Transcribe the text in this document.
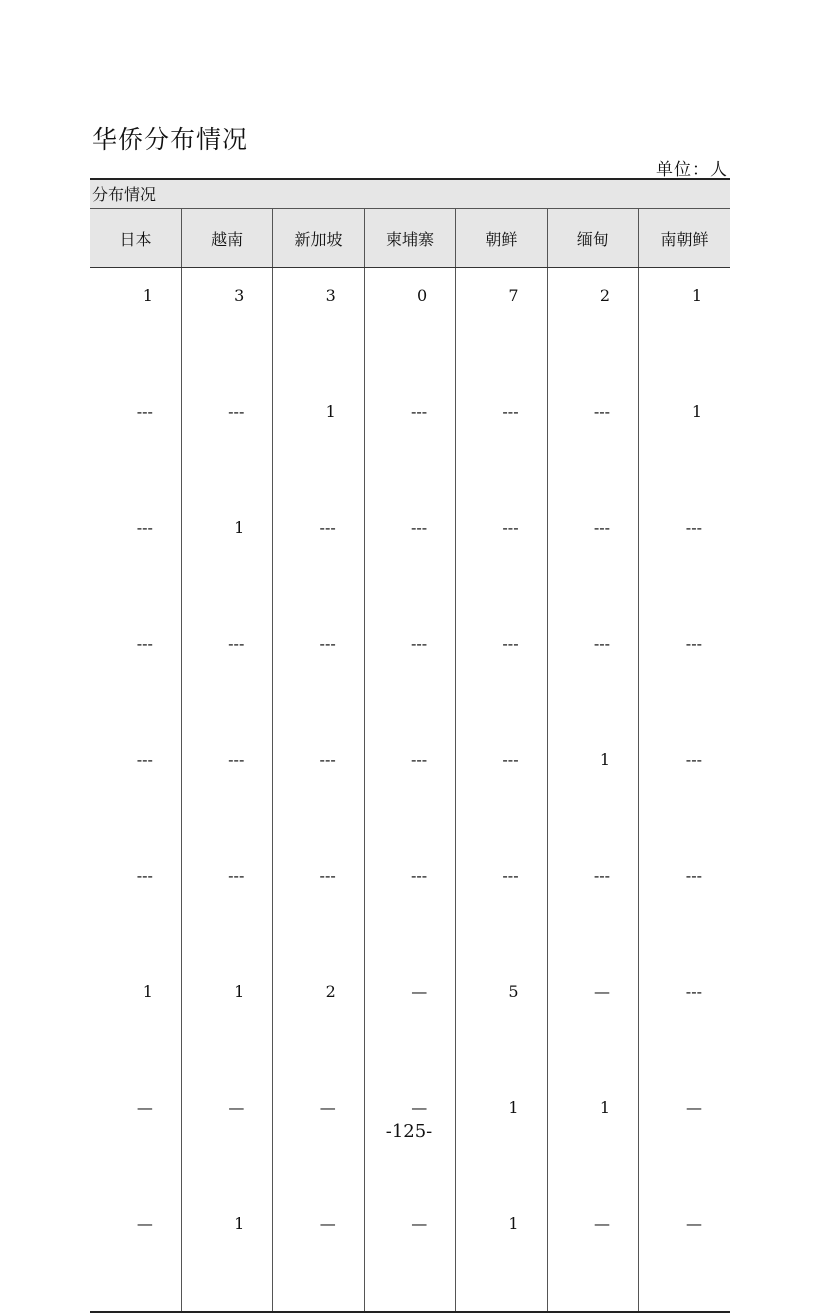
华侨分布情况
单位：人
分布情况
日本	越南	新加坡	柬埔寨	朝鲜	缅甸	南朝鲜
1	3	3	0	7	2	1
---	---	1	---	---	---	1
---	1	---	---	---	---	---
---	---	---	---	---	---	---
---	---	---	---	---	1	---
---	---	---	---	---	---	---
1	1	2	—	5	—	---
—	—	—	—	1	1	—
—	1	—	—	1	—	—
-125-
